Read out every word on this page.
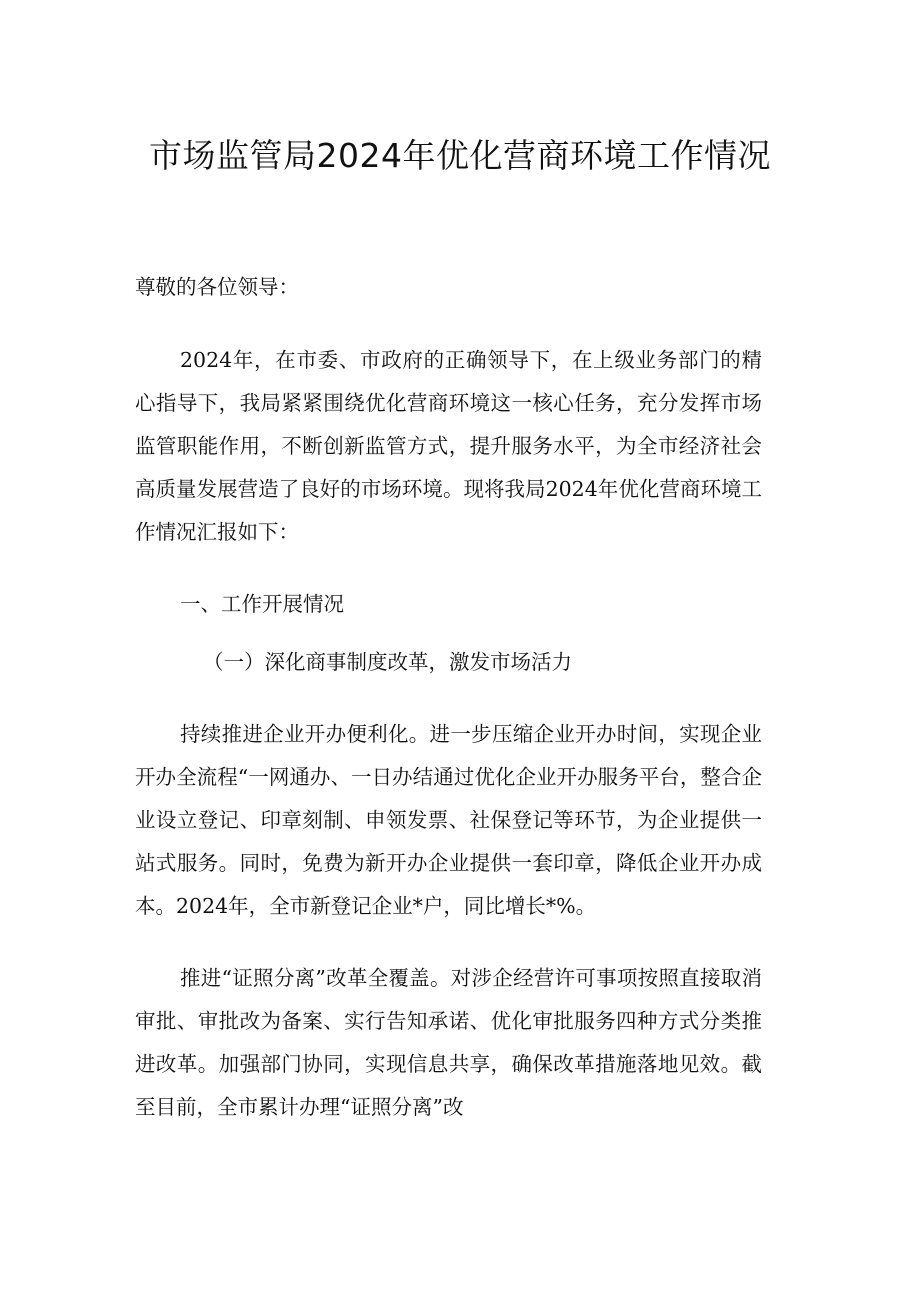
市场监管局2024年优化营商环境工作情况

尊敬的各位领导：

2024年，在市委、市政府的正确领导下，在上级业务部门的精心指导下，我局紧紧围绕优化营商环境这一核心任务，充分发挥市场监管职能作用，不断创新监管方式，提升服务水平，为全市经济社会高质量发展营造了良好的市场环境。现将我局2024年优化营商环境工作情况汇报如下：

一、工作开展情况

（一）深化商事制度改革，激发市场活力

持续推进企业开办便利化。进一步压缩企业开办时间，实现企业开办全流程“一网通办、一日办结通过优化企业开办服务平台，整合企业设立登记、印章刻制、申领发票、社保登记等环节，为企业提供一站式服务。同时，免费为新开办企业提供一套印章，降低企业开办成本。2024年，全市新登记企业*户，同比增长*%。

推进“证照分离”改革全覆盖。对涉企经营许可事项按照直接取消审批、审批改为备案、实行告知承诺、优化审批服务四种方式分类推进改革。加强部门协同，实现信息共享，确保改革措施落地见效。截至目前，全市累计办理“证照分离”改
